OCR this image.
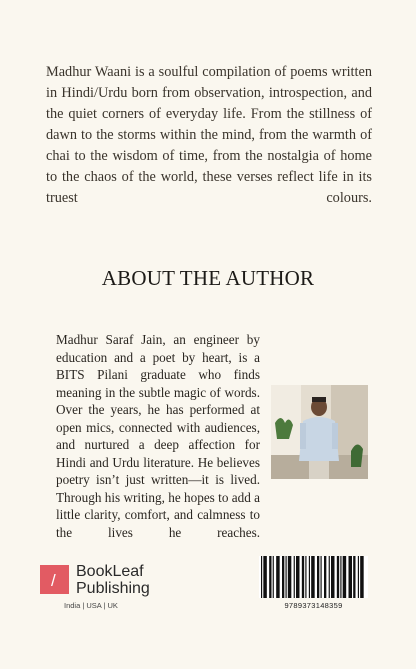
Madhur Waani is a soulful compilation of poems written in Hindi/Urdu born from observation, introspection, and the quiet corners of everyday life. From the stillness of dawn to the storms within the mind, from the warmth of chai to the wisdom of time, from the nostalgia of home to the chaos of the world, these verses reflect life in its truest colours.

ABOUT THE AUTHOR

Madhur Saraf Jain, an engineer by education and a poet by heart, is a BITS Pilani graduate who finds meaning in the subtle magic of words. Over the years, he has performed at open mics, connected with audiences, and nurtured a deep affection for Hindi and Urdu literature. He believes poetry isn’t just written—it is lived. Through his writing, he hopes to add a little clarity, comfort, and calmness to the lives he reaches.

/ BookLeaf
Publishing
India | USA | UK	9789373148359
